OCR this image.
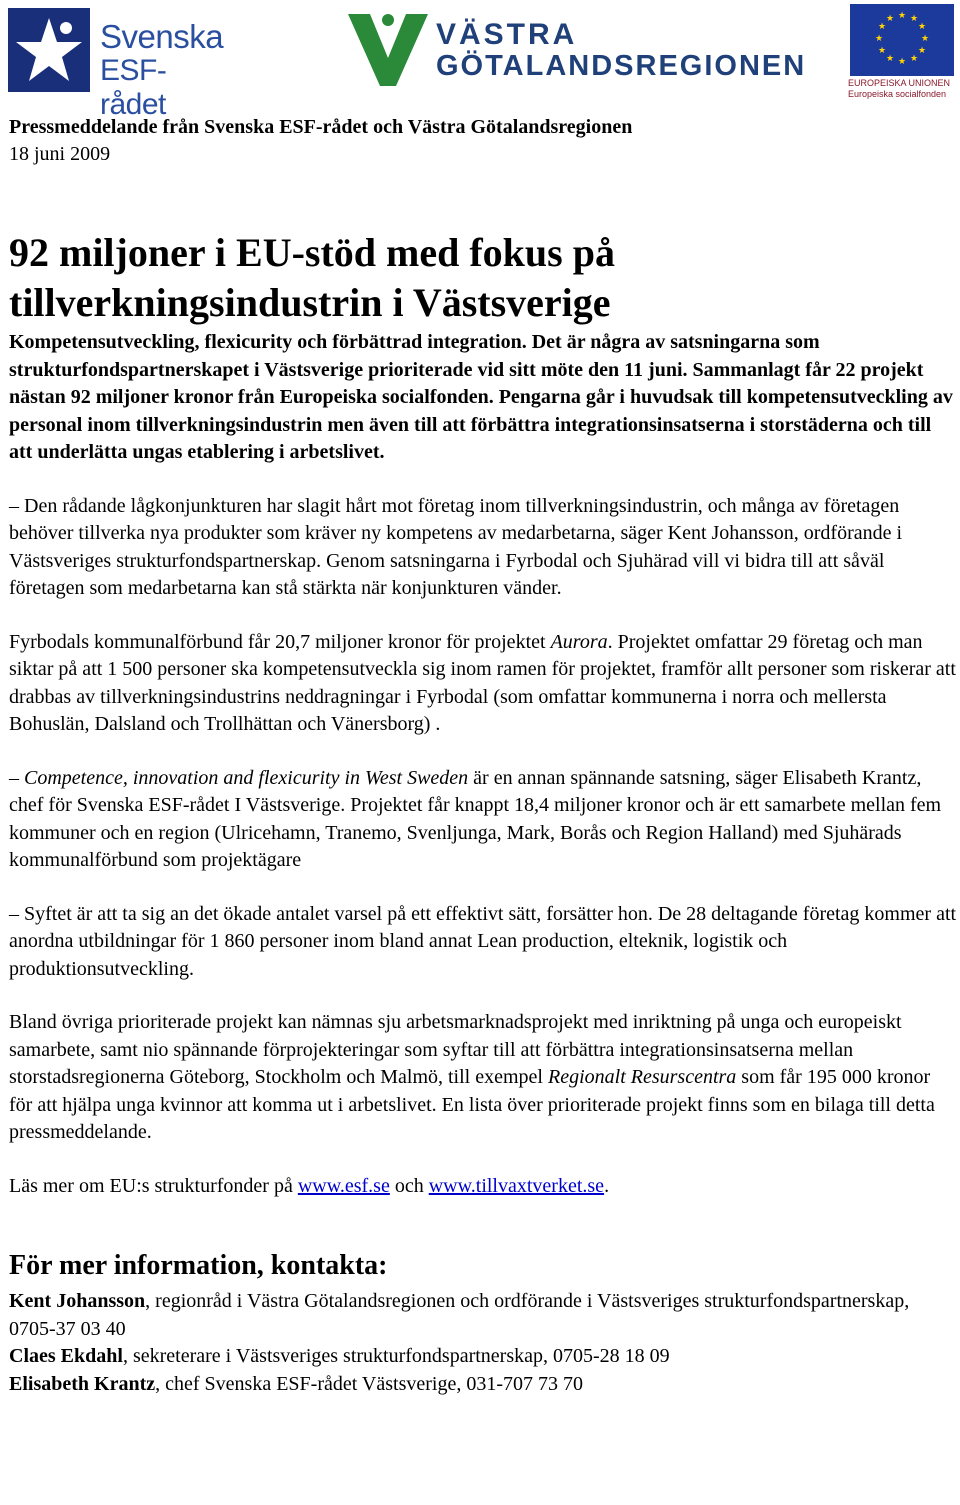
Svenska
ESF-rådet
VÄSTRA
GÖTALANDSREGIONEN
★ ★
★
★
★
★
★
★
★
★
★
★
EUROPEISKA UNIONEN
Europeiska socialfonden

Pressmeddelande från Svenska ESF-rådet och Västra Götalandsregionen

18 juni 2009

92 miljoner i EU-stöd med fokus på tillverkningsindustrin i Västsverige

Kompetensutveckling, flexicurity och förbättrad integration. Det är några av satsningarna som strukturfondspartnerskapet i Västsverige prioriterade vid sitt möte den 11 juni. Sammanlagt får 22 projekt nästan 92 miljoner kronor från Europeiska socialfonden. Pengarna går i huvudsak till kompetensutveckling av personal inom tillverkningsindustrin men även till att förbättra integrationsinsatserna i storstäderna och till att underlätta ungas etablering i arbetslivet.

– Den rådande lågkonjunkturen har slagit hårt mot företag inom tillverkningsindustrin, och många av företagen behöver tillverka nya produkter som kräver ny kompetens av medarbetarna, säger Kent Johansson, ordförande i Västsveriges strukturfondspartnerskap. Genom satsningarna i Fyrbodal och Sjuhärad vill vi bidra till att såväl företagen som medarbetarna kan stå stärkta när konjunkturen vänder.

Fyrbodals kommunalförbund får 20,7 miljoner kronor för projektet Aurora. Projektet omfattar 29 företag och man siktar på att 1 500 personer ska kompetensutveckla sig inom ramen för projektet, framför allt personer som riskerar att drabbas av tillverkningsindustrins neddragningar i Fyrbodal (som omfattar kommunerna i norra och mellersta Bohuslän, Dalsland och Trollhättan och Vänersborg) .

– Competence, innovation and flexicurity in West Sweden är en annan spännande satsning, säger Elisabeth Krantz, chef för Svenska ESF-rådet I Västsverige. Projektet får knappt 18,4 miljoner kronor och är ett samarbete mellan fem kommuner och en region (Ulricehamn, Tranemo, Svenljunga, Mark, Borås och Region Halland) med Sjuhärads kommunalförbund som projektägare

– Syftet är att ta sig an det ökade antalet varsel på ett effektivt sätt, forsätter hon. De 28 deltagande företag kommer att anordna utbildningar för 1 860 personer inom bland annat Lean production, elteknik, logistik och produktionsutveckling.

Bland övriga prioriterade projekt kan nämnas sju arbetsmarknadsprojekt med inriktning på unga och europeiskt samarbete, samt nio spännande förprojekteringar som syftar till att förbättra integrationsinsatserna mellan storstadsregionerna Göteborg, Stockholm och Malmö, till exempel Regionalt Resurscentra som får 195 000 kronor för att hjälpa unga kvinnor att komma ut i arbetslivet. En lista över prioriterade projekt finns som en bilaga till detta pressmeddelande.

Läs mer om EU:s strukturfonder på www.esf.se och www.tillvaxtverket.se.

För mer information, kontakta:

Kent Johansson, regionråd i Västra Götalandsregionen och ordförande i Västsveriges strukturfondspartnerskap, 0705-37 03 40
Claes Ekdahl, sekreterare i Västsveriges strukturfondspartnerskap, 0705-28 18 09
Elisabeth Krantz, chef Svenska ESF-rådet Västsverige, 031-707 73 70
